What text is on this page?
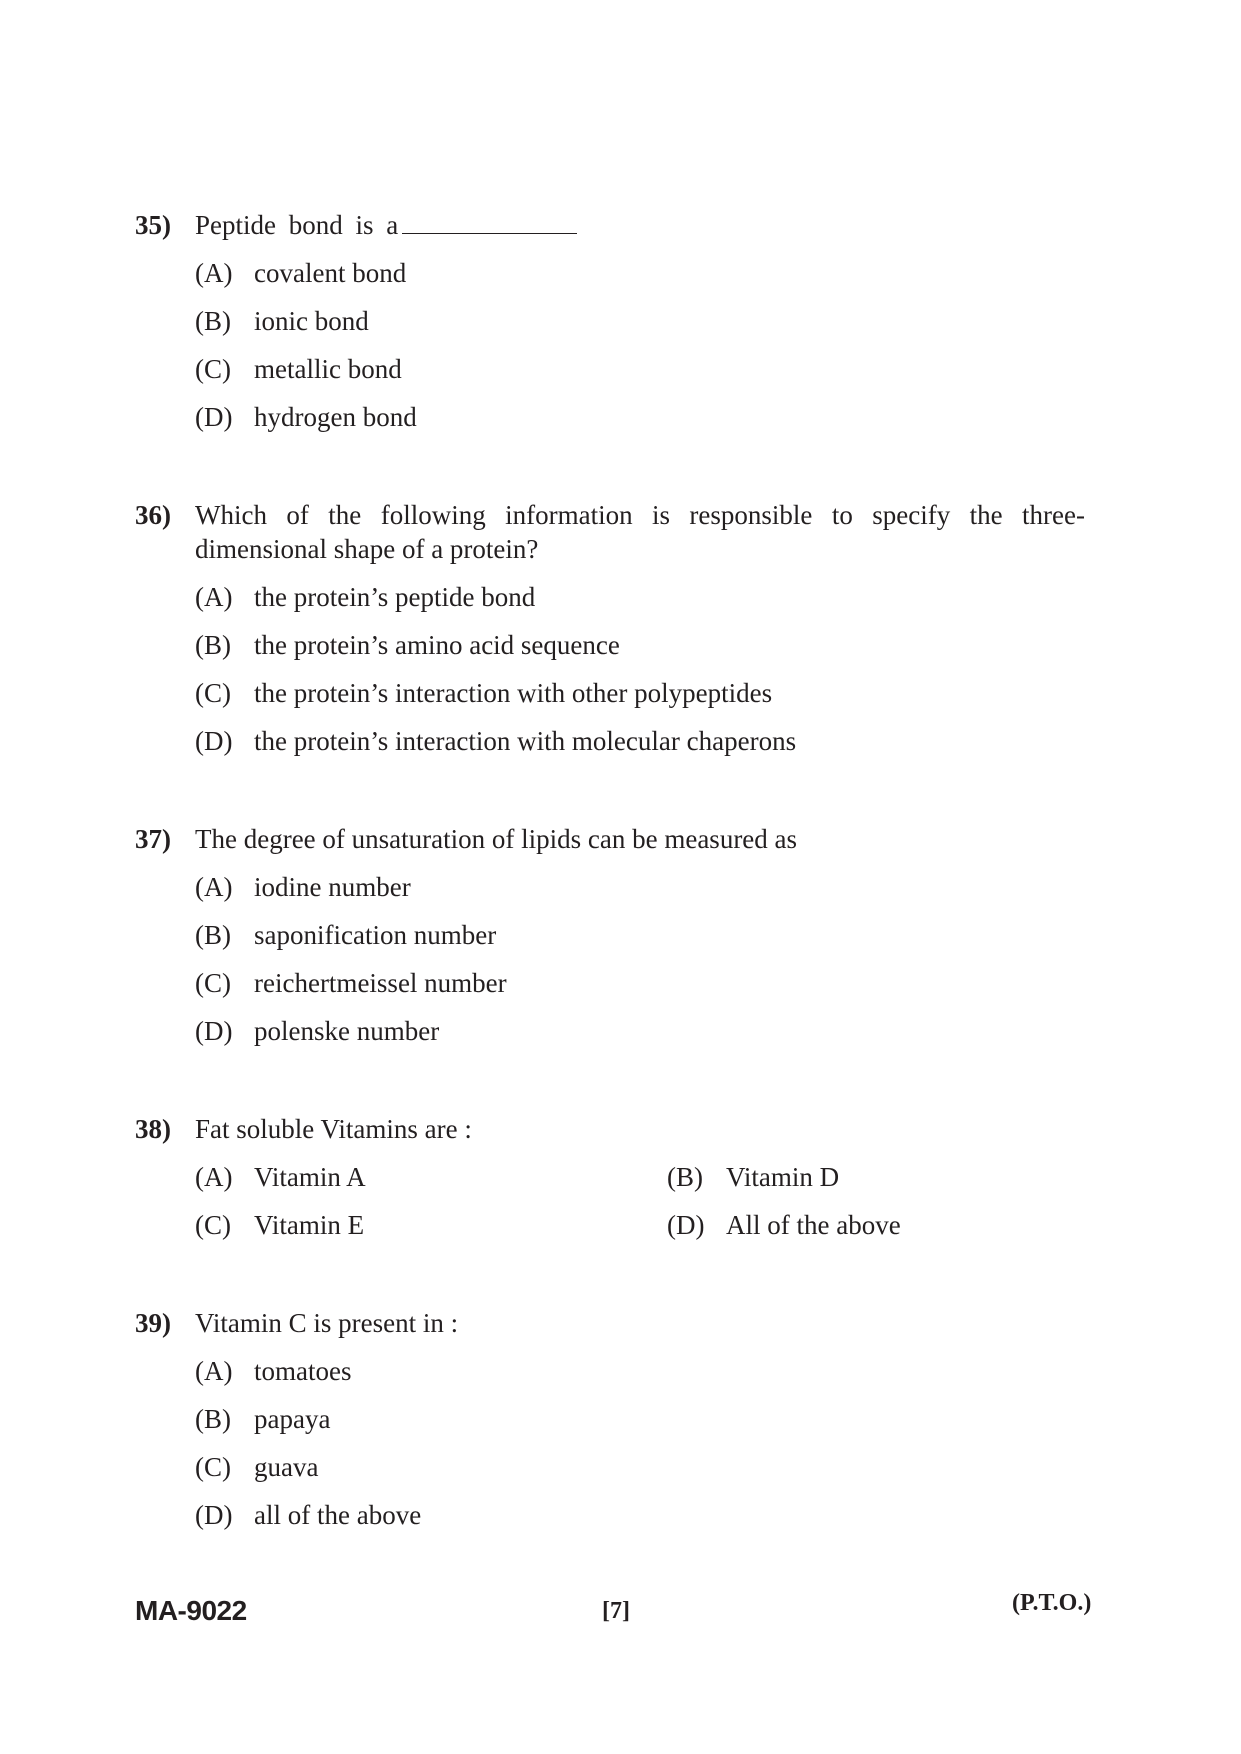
35) Peptide bond is a
(A) covalent bond
(B) ionic bond
(C) metallic bond
(D) hydrogen bond
36) Which of the following information is responsible to specify the three-dimensional shape of a protein?
(A) the protein’s peptide bond
(B) the protein’s amino acid sequence
(C) the protein’s interaction with other polypeptides
(D) the protein’s interaction with molecular chaperons
37) The degree of unsaturation of lipids can be measured as
(A) iodine number
(B) saponification number
(C) reichertmeissel number
(D) polenske number
38) Fat soluble Vitamins are :
(A) Vitamin A	(B) Vitamin D
(C) Vitamin E	(D) All of the above
39) Vitamin C is present in :
(A) tomatoes
(B) papaya
(C) guava
(D) all of the above
MA-9022	[7]	(P.T.O.)
